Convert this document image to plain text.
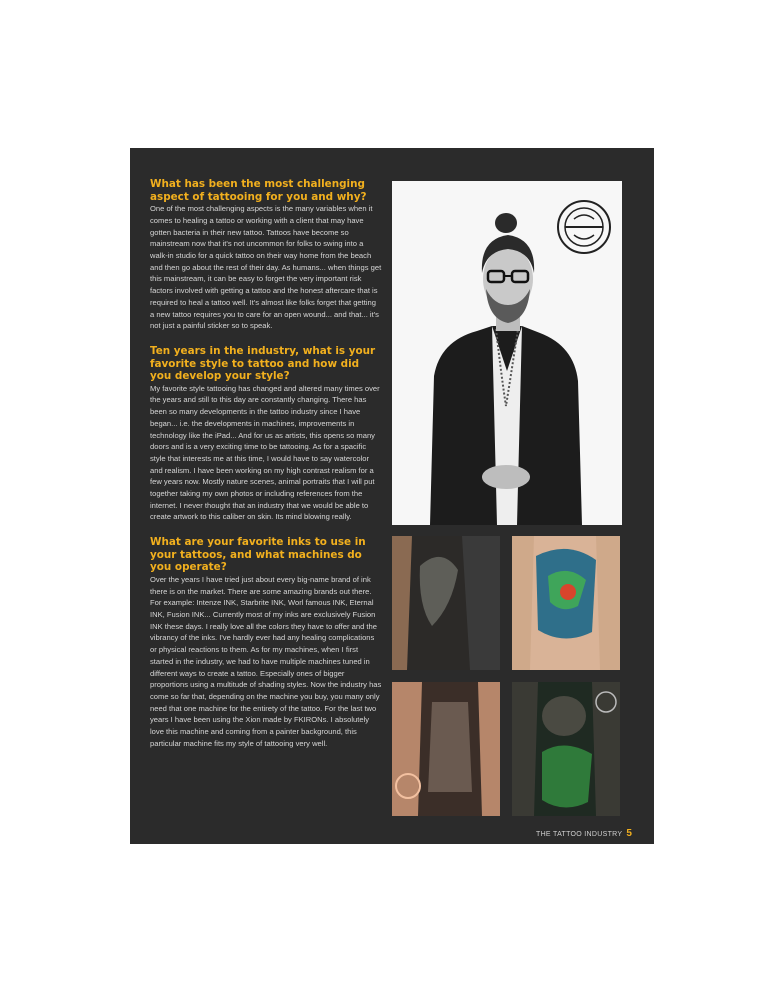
What has been the most challenging aspect of tattooing for you and why?

One of the most challenging aspects is the many variables when it comes to healing a tattoo or working with a client that may have gotten bacteria in their new tattoo. Tattoos have become so mainstream now that it's not uncommon for folks to swing into a walk-in studio for a quick tattoo on their way home from the beach and then go about the rest of their day. As humans... when things get this mainstream, it can be easy to forget the very important risk factors involved with getting a tattoo and the honest aftercare that is required to heal a tattoo well. It's almost like folks forget that getting a new tattoo requires you to care for an open wound... and that... it's not just a painful sticker so to speak.

Ten years in the industry, what is your favorite style to tattoo and how did you develop your style?

My favorite style tattooing has changed and altered many times over the years and still to this day are constantly changing. There has been so many developments in the tattoo industry since I have began... i.e. the developments in machines, improvements in technology like the iPad... And for us as artists, this opens so many doors and is a very exciting time to be tattooing. As for a spacific style that interests me at this time, I would have to say watercolor and realism. I have been working on my high contrast realism for a few years now. Mostly nature scenes, animal portraits that I will put together taking my own photos or including references from the internet. I never thought that an industry that we would be able to create artwork to this caliber on skin. Its mind blowing really.

What are your favorite inks to use in your tattoos, and what machines do you operate?

Over the years I have tried just about every big-name brand of ink there is on the market. There are some amazing brands out there. For example: Intenze INK, Starbrite INK, Worl famous INK, Eternal INK, Fusion INK... Currently most of my inks are exclusively Fusion INK these days. I really love all the colors they have to offer and the vibrancy of the inks. I've hardly ever had any healing complications or physical reactions to them. As for my machines, when I first started in the industry, we had to have multiple machines tuned in different ways to create a tattoo. Especially ones of bigger proportions using a multitude of shading styles. Now the industry has come so far that, depending on the machine you buy, you many only need that one machine for the entirety of the tattoo. For the last two years I have been using the Xion made by FKIRONs. I absolutely love this machine and coming from a painter background, this particular machine fits my style of tattooing very well.

THE TATTOO INDUSTRY 5
